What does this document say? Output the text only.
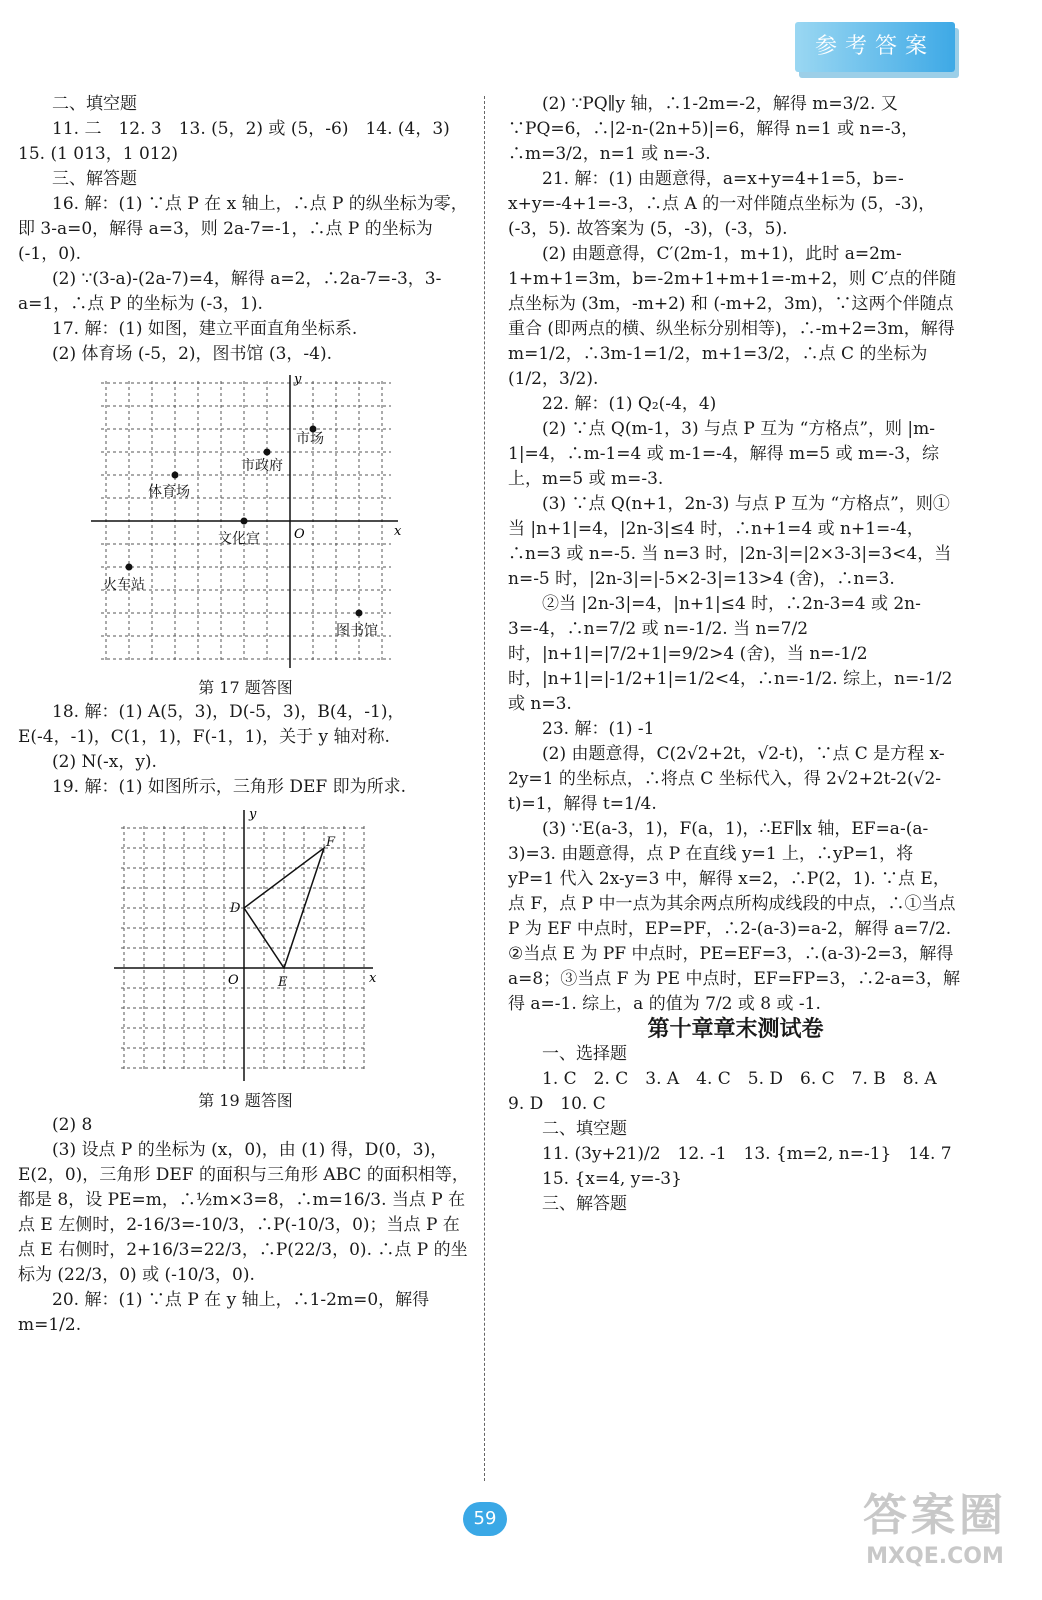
参考答案

二、填空题

11. 二　12. 3　13. (5，2) 或 (5，-6)　14. (4，3)　15. (1 013，1 012)

三、解答题

16. 解：(1) ∵点 P 在 x 轴上，∴点 P 的纵坐标为零，即 3-a=0，解得 a=3，则 2a-7=-1，∴点 P 的坐标为 (-1，0).

(2) ∵(3-a)-(2a-7)=4，解得 a=2，∴2a-7=-3，3-a=1，∴点 P 的坐标为 (-3，1).

17. 解：(1) 如图，建立平面直角坐标系.

(2) 体育场 (-5，2)，图书馆 (3，-4).

x
y
O
市场
市政府
体育场
文化宫
火车站
图书馆

第 17 题答图

18. 解：(1) A(5，3)，D(-5，3)，B(4，-1)，E(-4，-1)，C(1，1)，F(-1，1)，关于 y 轴对称.

(2) N(-x，y).

19. 解：(1) 如图所示，三角形 DEF 即为所求.

x
y
O
F
D
E

第 19 题答图

(2) 8

(3) 设点 P 的坐标为 (x，0)，由 (1) 得，D(0，3)，E(2，0)，三角形 DEF 的面积与三角形 ABC 的面积相等，都是 8，设 PE=m，∴½m×3=8，∴m=16/3. 当点 P 在点 E 左侧时，2-16/3=-10/3，∴P(-10/3，0)；当点 P 在点 E 右侧时，2+16/3=22/3，∴P(22/3，0). ∴点 P 的坐标为 (22/3，0) 或 (-10/3，0).

20. 解：(1) ∵点 P 在 y 轴上，∴1-2m=0，解得 m=1/2.

(2) ∵PQ∥y 轴，∴1-2m=-2，解得 m=3/2. 又∵PQ=6，∴|2-n-(2n+5)|=6，解得 n=1 或 n=-3，∴m=3/2，n=1 或 n=-3.

21. 解：(1) 由题意得，a=x+y=4+1=5，b=-x+y=-4+1=-3，∴点 A 的一对伴随点坐标为 (5，-3)，(-3，5). 故答案为 (5，-3)，(-3，5).

(2) 由题意得，C′(2m-1，m+1)，此时 a=2m-1+m+1=3m，b=-2m+1+m+1=-m+2，则 C′点的伴随点坐标为 (3m，-m+2) 和 (-m+2，3m)，∵这两个伴随点重合 (即两点的横、纵坐标分别相等)，∴-m+2=3m，解得 m=1/2，∴3m-1=1/2，m+1=3/2，∴点 C 的坐标为 (1/2，3/2).

22. 解：(1) Q₂(-4，4)

(2) ∵点 Q(m-1，3) 与点 P 互为 “方格点”，则 |m-1|=4，∴m-1=4 或 m-1=-4，解得 m=5 或 m=-3，综上，m=5 或 m=-3.

(3) ∵点 Q(n+1，2n-3) 与点 P 互为 “方格点”，则①当 |n+1|=4，|2n-3|≤4 时，∴n+1=4 或 n+1=-4，∴n=3 或 n=-5. 当 n=3 时，|2n-3|=|2×3-3|=3<4，当 n=-5 时，|2n-3|=|-5×2-3|=13>4 (舍)，∴n=3.

②当 |2n-3|=4，|n+1|≤4 时，∴2n-3=4 或 2n-3=-4，∴n=7/2 或 n=-1/2. 当 n=7/2 时，|n+1|=|7/2+1|=9/2>4 (舍)，当 n=-1/2 时，|n+1|=|-1/2+1|=1/2<4，∴n=-1/2. 综上，n=-1/2 或 n=3.

23. 解：(1) -1

(2) 由题意得，C(2√2+2t，√2-t)，∵点 C 是方程 x-2y=1 的坐标点，∴将点 C 坐标代入，得 2√2+2t-2(√2-t)=1，解得 t=1/4.

(3) ∵E(a-3，1)，F(a，1)，∴EF∥x 轴，EF=a-(a-3)=3. 由题意得，点 P 在直线 y=1 上，∴yP=1，将 yP=1 代入 2x-y=3 中，解得 x=2，∴P(2，1). ∵点 E，点 F，点 P 中一点为其余两点所构成线段的中点，∴①当点 P 为 EF 中点时，EP=PF，∴2-(a-3)=a-2，解得 a=7/2. ②当点 E 为 PF 中点时，PE=EF=3，∴(a-3)-2=3，解得 a=8；③当点 F 为 PE 中点时，EF=FP=3，∴2-a=3，解得 a=-1. 综上，a 的值为 7/2 或 8 或 -1.

第十章章末测试卷

一、选择题

1. C　2. C　3. A　4. C　5. D　6. C　7. B　8. A　9. D　10. C

二、填空题

11. (3y+21)/2　12. -1　13. {m=2, n=-1}　14. 7

15. {x=4, y=-3}

三、解答题

59	答案圈
MXQE.COM
